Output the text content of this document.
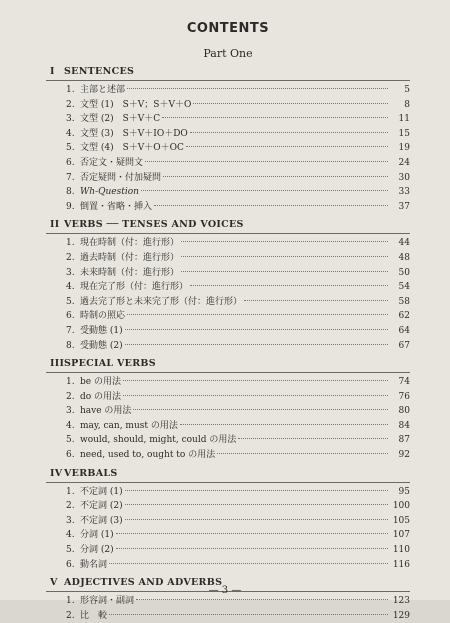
CONTENTS
Part One
I SENTENCES
1. 主部と述部	5
2. 文型 (1)　S＋V；S＋V＋O	8
3. 文型 (2)　S＋V＋C	11
4. 文型 (3)　S＋V＋IO＋DO	15
5. 文型 (4)　S＋V＋O＋OC	19
6. 否定文・疑問文	24
7. 否定疑問・付加疑問	30
8. Wh-Question	33
9. 倒置・省略・挿入	37
II VERBS ── TENSES AND VOICES
1. 現在時制（付：進行形）	44
2. 過去時制（付：進行形）	48
3. 未来時制（付：進行形）	50
4. 現在完了形（付：進行形）	54
5. 過去完了形と未来完了形（付：進行形）	58
6. 時制の照応	62
7. 受動態 (1)	64
8. 受動態 (2)	67
IIISPECIAL VERBS
1. be の用法	74
2. do の用法	76
3. have の用法	80
4. may, can, must の用法	84
5. would, should, might, could の用法	87
6. need, used to, ought to の用法	92
IV VERBALS
1. 不定詞 (1)	95
2. 不定詞 (2)	100
3. 不定詞 (3)	105
4. 分詞 (1)	107
5. 分詞 (2)	110
6. 動名詞	116
V ADJECTIVES AND ADVERBS
1. 形容詞・副詞	123
2. 比　較	129
— 3 —
